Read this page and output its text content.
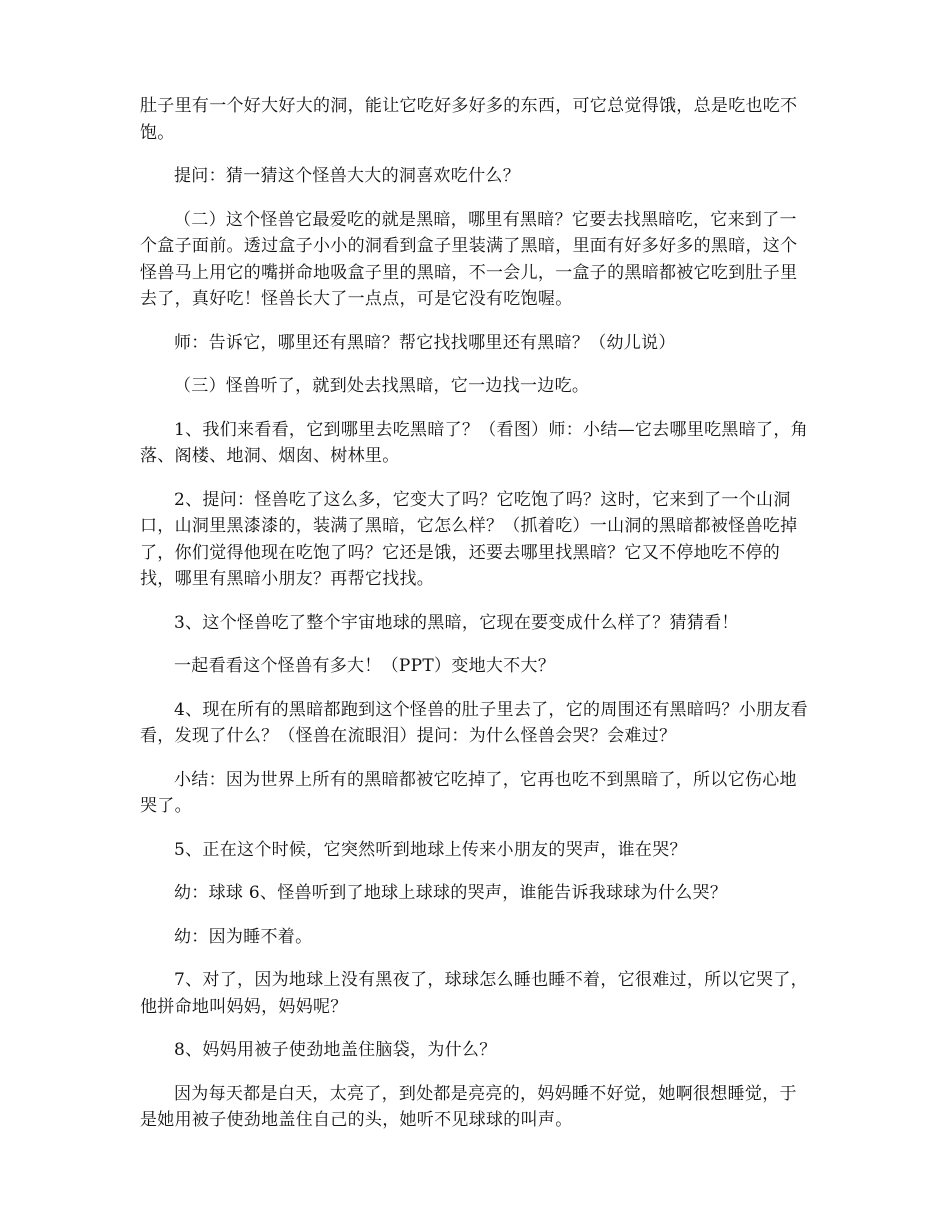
肚子里有一个好大好大的洞，能让它吃好多好多的东西，可它总觉得饿，总是吃也吃不饱。

提问：猜一猜这个怪兽大大的洞喜欢吃什么？

（二）这个怪兽它最爱吃的就是黑暗，哪里有黑暗？它要去找黑暗吃，它来到了一个盒子面前。透过盒子小小的洞看到盒子里装满了黑暗，里面有好多好多的黑暗，这个怪兽马上用它的嘴拼命地吸盒子里的黑暗，不一会儿，一盒子的黑暗都被它吃到肚子里去了，真好吃！怪兽长大了一点点，可是它没有吃饱喔。

师：告诉它，哪里还有黑暗？帮它找找哪里还有黑暗？（幼儿说）

（三）怪兽听了，就到处去找黑暗，它一边找一边吃。

1、我们来看看，它到哪里去吃黑暗了？（看图）师：小结—它去哪里吃黑暗了，角落、阁楼、地洞、烟囱、树林里。

2、提问：怪兽吃了这么多，它变大了吗？它吃饱了吗？这时，它来到了一个山洞口，山洞里黑漆漆的，装满了黑暗，它怎么样？（抓着吃）一山洞的黑暗都被怪兽吃掉了，你们觉得他现在吃饱了吗？它还是饿，还要去哪里找黑暗？它又不停地吃不停的找，哪里有黑暗小朋友？再帮它找找。

3、这个怪兽吃了整个宇宙地球的黑暗，它现在要变成什么样了？猜猜看！

一起看看这个怪兽有多大！（PPT）变地大不大？

4、现在所有的黑暗都跑到这个怪兽的肚子里去了，它的周围还有黑暗吗？小朋友看看，发现了什么？（怪兽在流眼泪）提问：为什么怪兽会哭？会难过？

小结：因为世界上所有的黑暗都被它吃掉了，它再也吃不到黑暗了，所以它伤心地哭了。

5、正在这个时候，它突然听到地球上传来小朋友的哭声，谁在哭？

幼：球球 6、怪兽听到了地球上球球的哭声，谁能告诉我球球为什么哭？

幼：因为睡不着。

7、对了，因为地球上没有黑夜了，球球怎么睡也睡不着，它很难过，所以它哭了，他拼命地叫妈妈，妈妈呢？

8、妈妈用被子使劲地盖住脑袋，为什么？

因为每天都是白天，太亮了，到处都是亮亮的，妈妈睡不好觉，她啊很想睡觉，于是她用被子使劲地盖住自己的头，她听不见球球的叫声。
